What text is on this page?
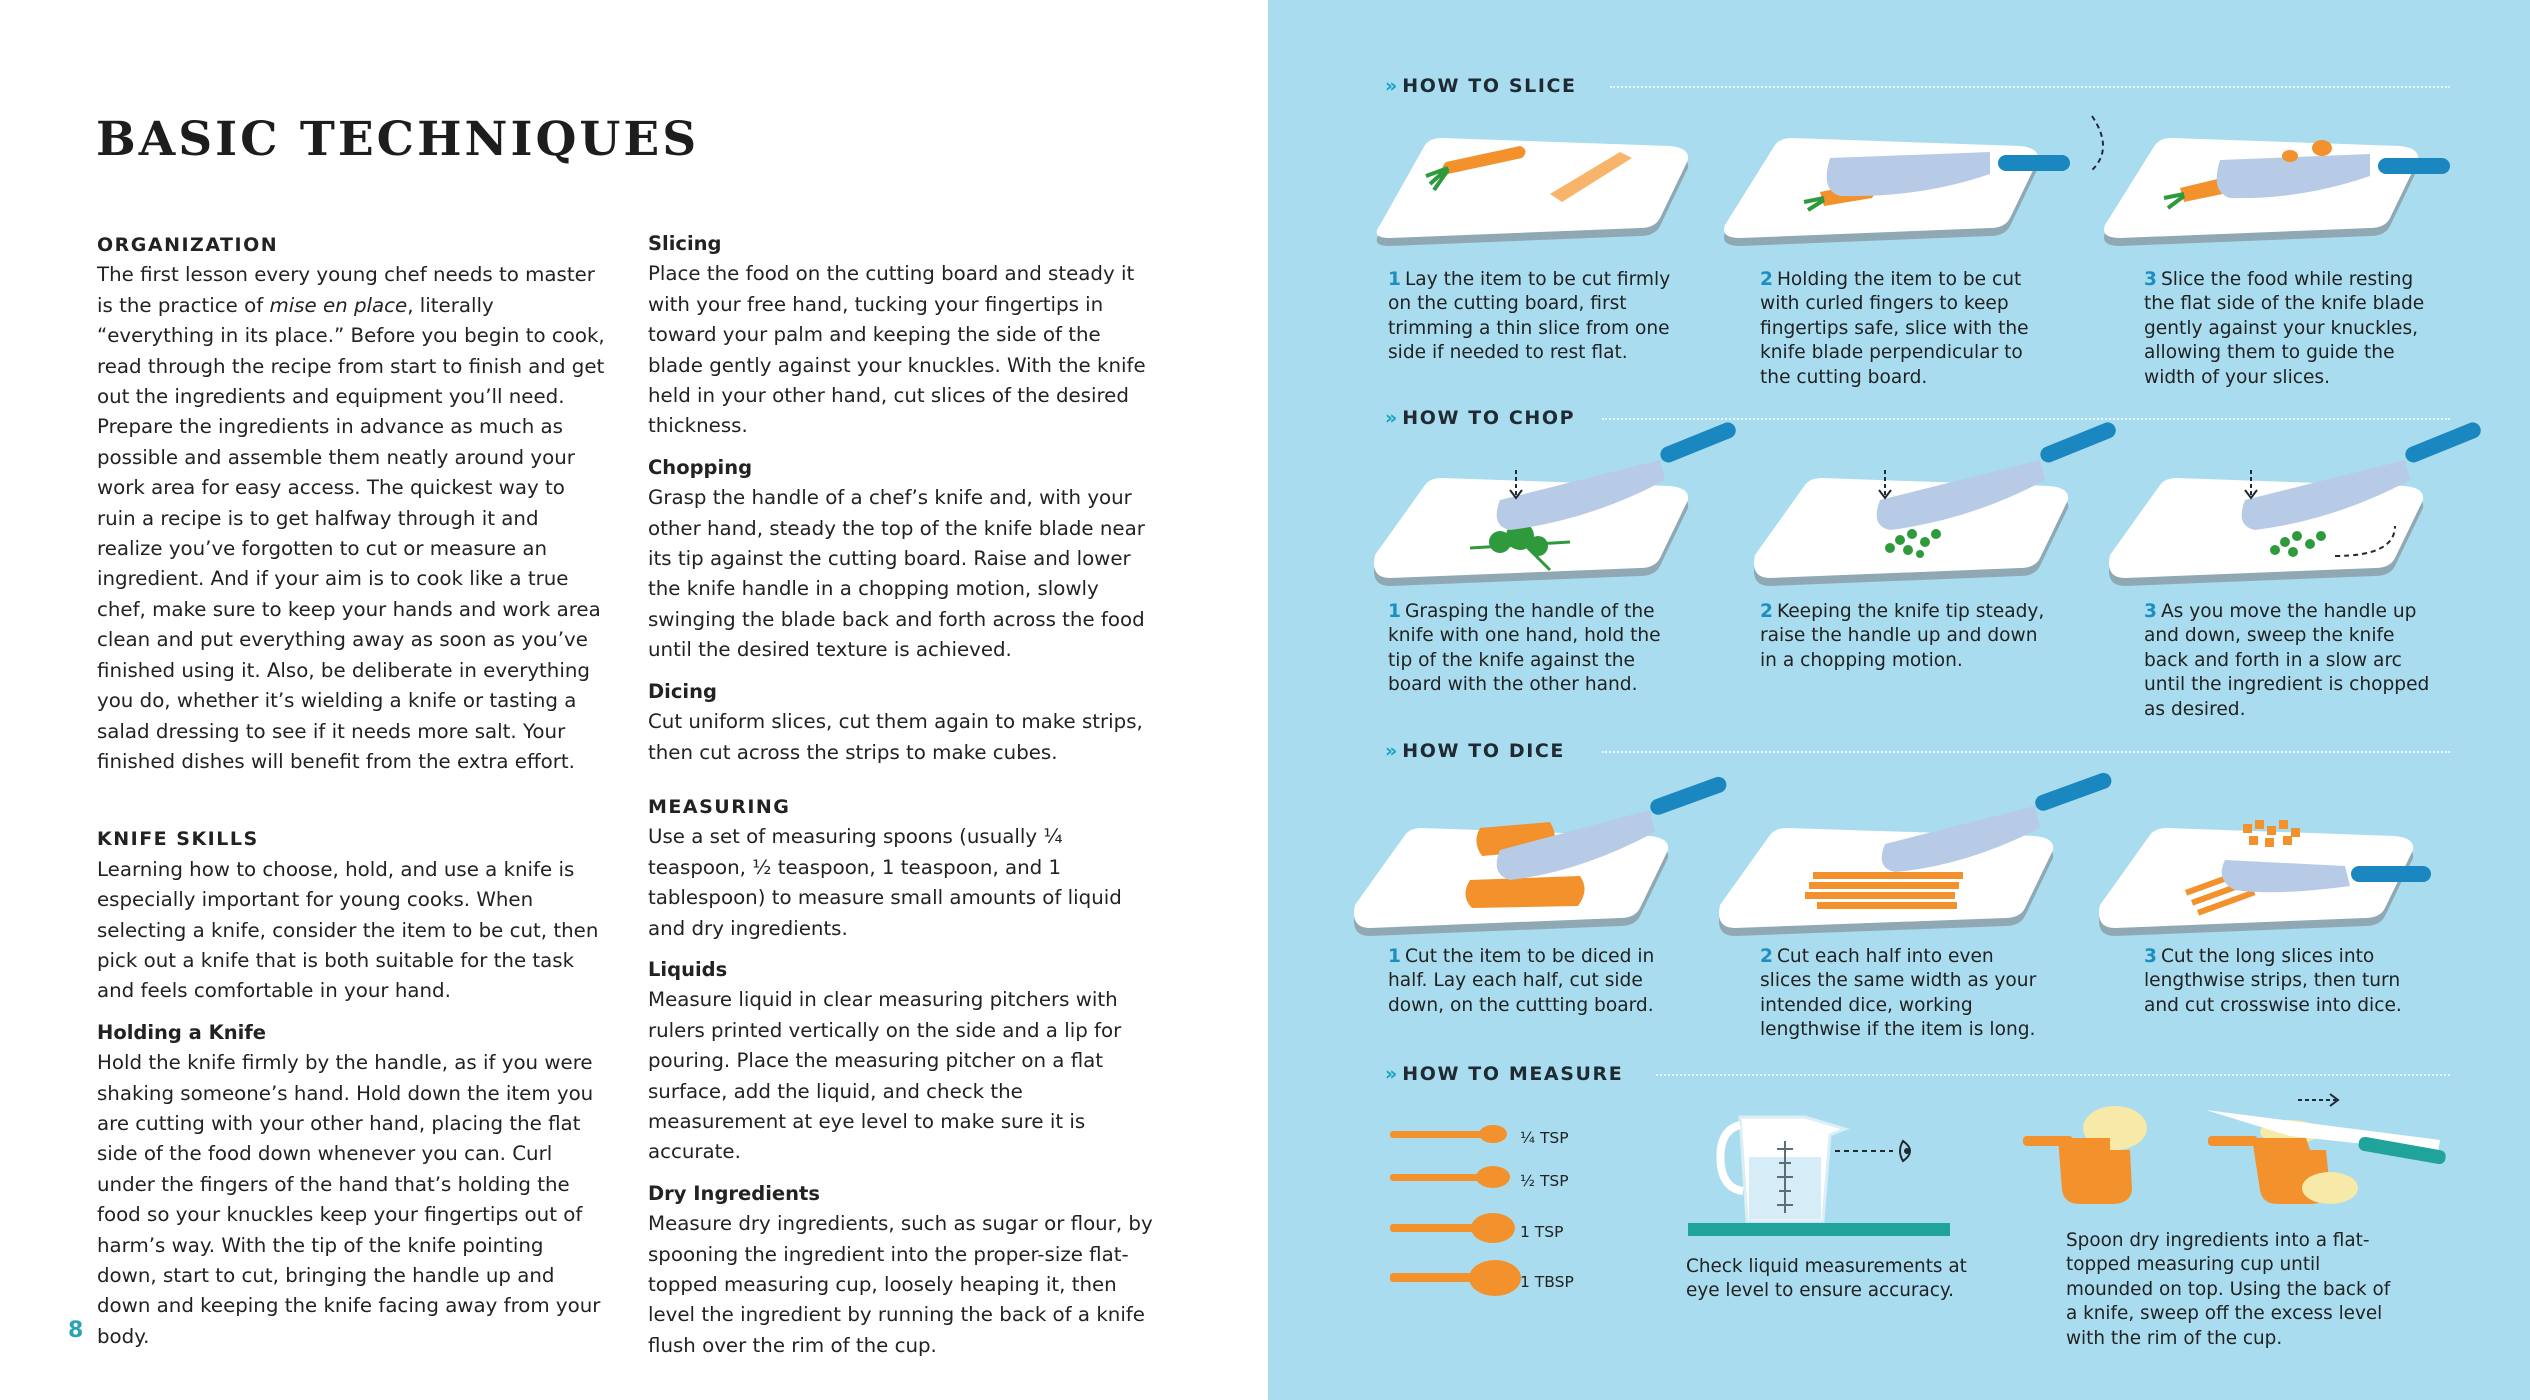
BASIC TECHNIQUES

ORGANIZATION

The first lesson every young chef needs to master is the practice of mise en place, literally “everything in its place.” Before you begin to cook, read through the recipe from start to finish and get out the ingredients and equipment you’ll need. Prepare the ingredients in advance as much as possible and assemble them neatly around your work area for easy access. The quickest way to ruin a recipe is to get halfway through it and realize you’ve forgotten to cut or measure an ingredient. And if your aim is to cook like a true chef, make sure to keep your hands and work area clean and put everything away as soon as you’ve finished using it. Also, be deliberate in everything you do, whether it’s wielding a knife or tasting a salad dressing to see if it needs more salt. Your finished dishes will benefit from the extra effort.

KNIFE SKILLS

Learning how to choose, hold, and use a knife is especially important for young cooks. When selecting a knife, consider the item to be cut, then pick out a knife that is both suitable for the task and feels comfortable in your hand.

Holding a Knife

Hold the knife firmly by the handle, as if you were shaking someone’s hand. Hold down the item you are cutting with your other hand, placing the flat side of the food down whenever you can. Curl under the fingers of the hand that’s holding the food so your knuckles keep your fingertips out of harm’s way. With the tip of the knife pointing down, start to cut, bringing the handle up and down and keeping the knife facing away from your body.

Slicing

Place the food on the cutting board and steady it with your free hand, tucking your fingertips in toward your palm and keeping the side of the blade gently against your knuckles. With the knife held in your other hand, cut slices of the desired thickness.

Chopping

Grasp the handle of a chef’s knife and, with your other hand, steady the top of the knife blade near its tip against the cutting board. Raise and lower the knife handle in a chopping motion, slowly swinging the blade back and forth across the food until the desired texture is achieved.

Dicing

Cut uniform slices, cut them again to make strips, then cut across the strips to make cubes.

MEASURING

Use a set of measuring spoons (usually ¼ teaspoon, ½ teaspoon, 1 teaspoon, and 1 tablespoon) to measure small amounts of liquid and dry ingredients.

Liquids

Measure liquid in clear measuring pitchers with rulers printed vertically on the side and a lip for pouring. Place the measuring pitcher on a flat surface, add the liquid, and check the measurement at eye level to make sure it is accurate.

Dry Ingredients

Measure dry ingredients, such as sugar or flour, by spooning the ingredient into the proper-size flat-topped measuring cup, loosely heaping it, then level the ingredient by running the back of a knife flush over the rim of the cup.

8
» HOW TO SLICE
» HOW TO CHOP
» HOW TO DICE
» HOW TO MEASURE
1 Lay the item to be cut firmly on the cutting board, first trimming a thin slice from one side if needed to rest flat.
2 Holding the item to be cut with curled fingers to keep fingertips safe, slice with the knife blade perpendicular to the cutting board.
3 Slice the food while resting the flat side of the knife blade gently against your knuckles, allowing them to guide the width of your slices.
1 Grasping the handle of the knife with one hand, hold the tip of the knife against the board with the other hand.
2 Keeping the knife tip steady, raise the handle up and down in a chopping motion.
3 As you move the handle up and down, sweep the knife back and forth in a slow arc until the ingredient is chopped as desired.
1 Cut the item to be diced in half. Lay each half, cut side down, on the cuttting board.
2 Cut each half into even slices the same width as your intended dice, working lengthwise if the item is long.
3 Cut the long slices into lengthwise strips, then turn and cut crosswise into dice.
¼ TSP
½ TSP
1 TSP
1 TBSP
Check liquid measurements at eye level to ensure accuracy.
Spoon dry ingredients into a flat-topped measuring cup until mounded on top. Using the back of a knife, sweep off the excess level with the rim of the cup.
